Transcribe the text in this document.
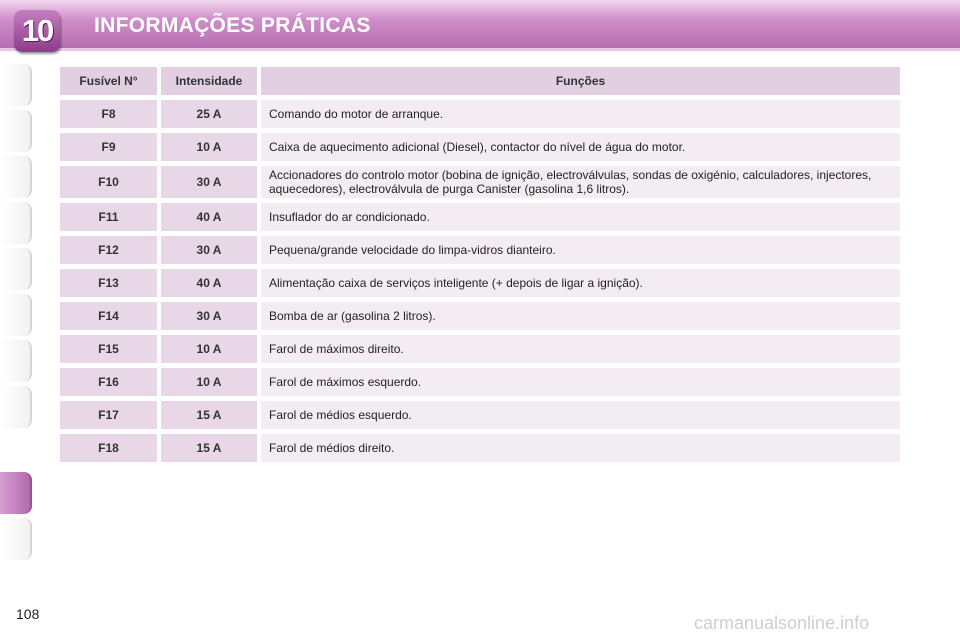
10 INFORMAÇÕES PRÁTICAS
Fusível N°	Intensidade	Funções
F8	25 A	Comando do motor de arranque.
F9	10 A	Caixa de aquecimento adicional (Diesel), contactor do nível de água do motor.
F10	30 A	Accionadores do controlo motor (bobina de ignição, electroválvulas, sondas de oxigénio, calculadores, injectores, aquecedores), electroválvula de purga Canister (gasolina 1,6 litros).
F11	40 A	Insuflador do ar condicionado.
F12	30 A	Pequena/grande velocidade do limpa-vidros dianteiro.
F13	40 A	Alimentação caixa de serviços inteligente (+ depois de ligar a ignição).
F14	30 A	Bomba de ar (gasolina 2 litros).
F15	10 A	Farol de máximos direito.
F16	10 A	Farol de máximos esquerdo.
F17	15 A	Farol de médios esquerdo.
F18	15 A	Farol de médios direito.
108	carmanualsonline.info
